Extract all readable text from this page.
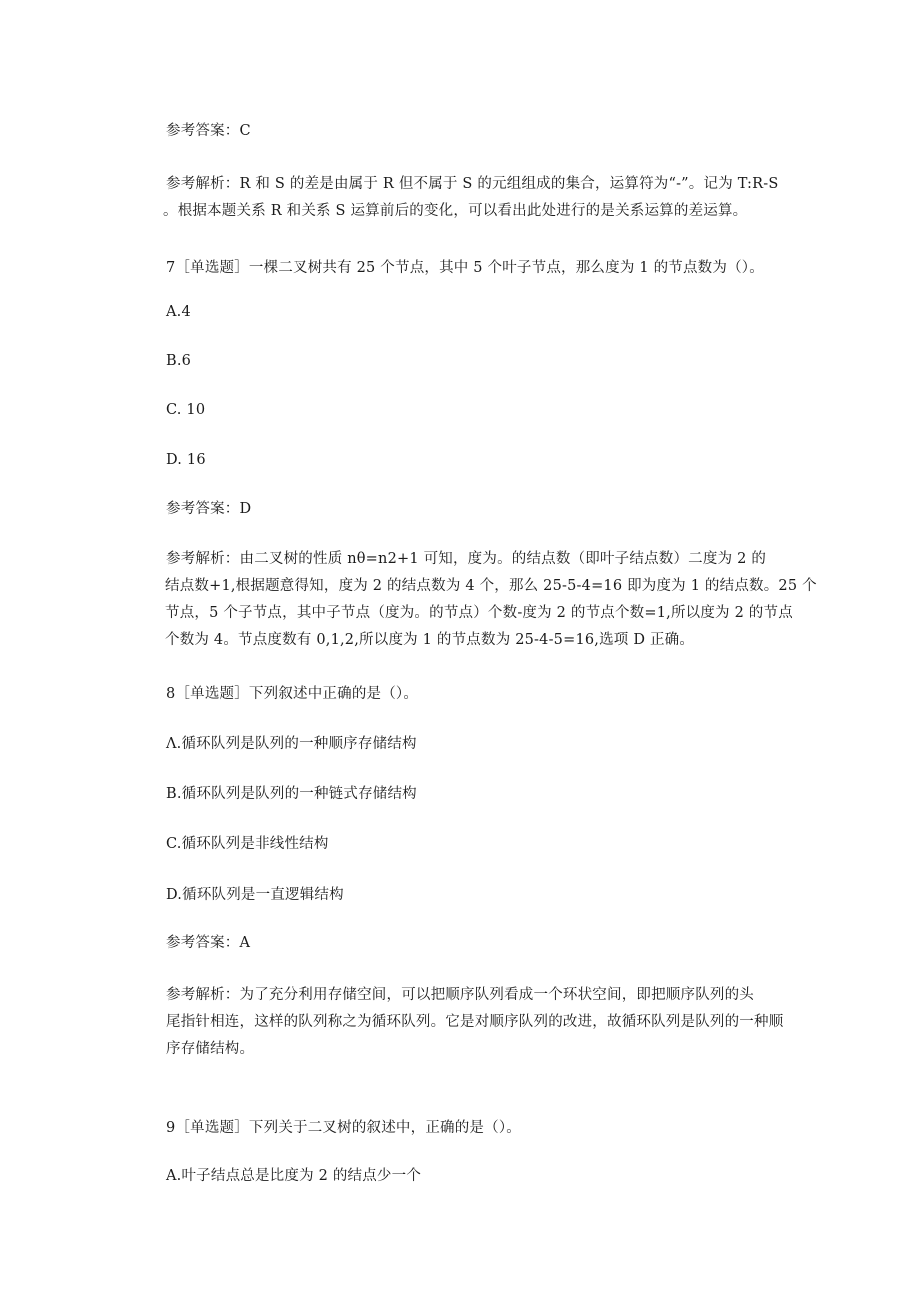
参考答案：C
参考解析：R 和 S 的差是由属于 R 但不属于 S 的元组组成的集合，运算符为“-”。记为 T:R-S
。根据本题关系 R 和关系 S 运算前后的变化，可以看出此处进行的是关系运算的差运算。
7［单选题］一棵二叉树共有 25 个节点，其中 5 个叶子节点，那么度为 1 的节点数为（）。
A.4
B.6
C. 10
D. 16
参考答案：D
参考解析：由二叉树的性质 nθ=n2+1 可知，度为。的结点数（即叶子结点数）二度为 2 的
结点数+1,根据题意得知，度为 2 的结点数为 4 个，那么 25-5-4=16 即为度为 1 的结点数。25 个
节点，5 个子节点，其中子节点（度为。的节点）个数-度为 2 的节点个数=1,所以度为 2 的节点
个数为 4。节点度数有 0,1,2,所以度为 1 的节点数为 25-4-5=16,选项 D 正确。
8［单选题］下列叙述中正确的是（）。
Λ.循环队列是队列的一种顺序存储结构
B.循环队列是队列的一种链式存储结构
C.循环队列是非线性结构
D.循环队列是一直逻辑结构
参考答案：A
参考解析：为了充分利用存储空间，可以把顺序队列看成一个环状空间，即把顺序队列的头
尾指针相连，这样的队列称之为循环队列。它是对顺序队列的改进，故循环队列是队列的一种顺
序存储结构。
9［单选题］下列关于二叉树的叙述中，正确的是（）。
A.叶子结点总是比度为 2 的结点少一个
